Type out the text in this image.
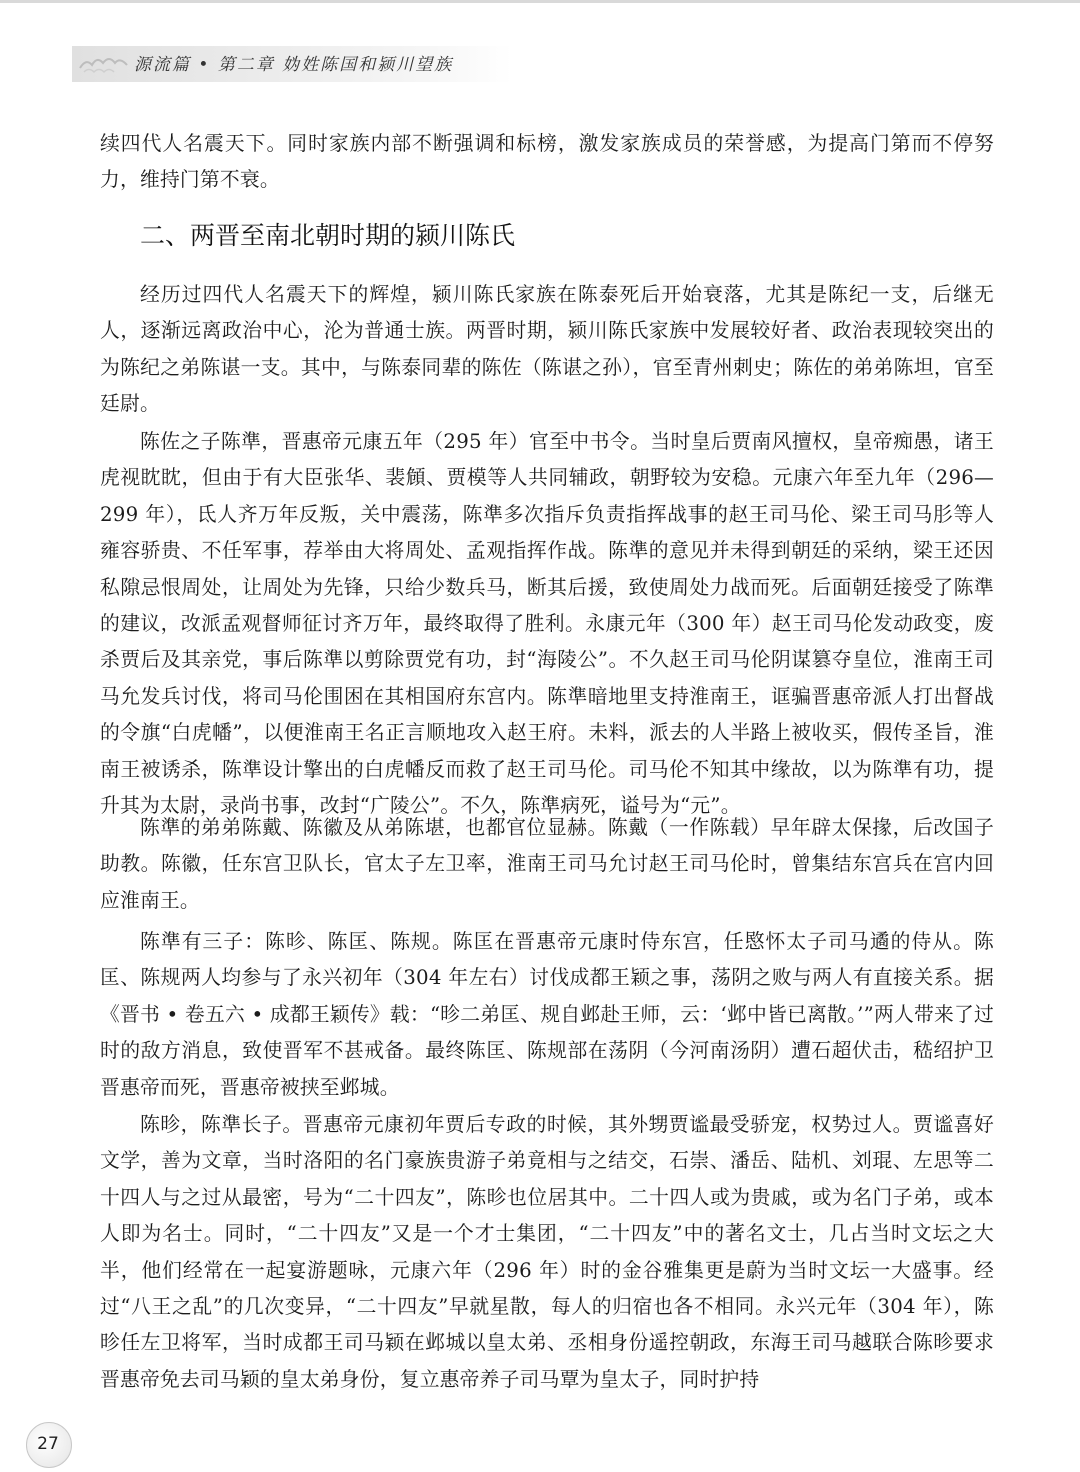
源流篇 • 第二章 妫姓陈国和颍川望族

续四代人名震天下。同时家族内部不断强调和标榜，激发家族成员的荣誉感，为提高门第而不停努力，维持门第不衰。

二、两晋至南北朝时期的颍川陈氏

经历过四代人名震天下的辉煌，颍川陈氏家族在陈泰死后开始衰落，尤其是陈纪一支，后继无人，逐渐远离政治中心，沦为普通士族。两晋时期，颍川陈氏家族中发展较好者、政治表现较突出的为陈纪之弟陈谌一支。其中，与陈泰同辈的陈佐（陈谌之孙），官至青州刺史；陈佐的弟弟陈坦，官至廷尉。

陈佐之子陈準，晋惠帝元康五年（295 年）官至中书令。当时皇后贾南风擅权，皇帝痴愚，诸王虎视眈眈，但由于有大臣张华、裴頠、贾模等人共同辅政，朝野较为安稳。元康六年至九年（296—299 年），氐人齐万年反叛，关中震荡，陈準多次指斥负责指挥战事的赵王司马伦、梁王司马肜等人雍容骄贵、不任军事，荐举由大将周处、孟观指挥作战。陈準的意见并未得到朝廷的采纳，梁王还因私隙忌恨周处，让周处为先锋，只给少数兵马，断其后援，致使周处力战而死。后面朝廷接受了陈準的建议，改派孟观督师征讨齐万年，最终取得了胜利。永康元年（300 年）赵王司马伦发动政变，废杀贾后及其亲党，事后陈準以剪除贾党有功，封“海陵公”。不久赵王司马伦阴谋篡夺皇位，淮南王司马允发兵讨伐，将司马伦围困在其相国府东宫内。陈準暗地里支持淮南王，诓骗晋惠帝派人打出督战的令旗“白虎幡”，以便淮南王名正言顺地攻入赵王府。未料，派去的人半路上被收买，假传圣旨，淮南王被诱杀，陈準设计擎出的白虎幡反而救了赵王司马伦。司马伦不知其中缘故，以为陈準有功，提升其为太尉，录尚书事，改封“广陵公”。不久，陈準病死，谥号为“元”。

陈準的弟弟陈戴、陈徽及从弟陈堪，也都官位显赫。陈戴（一作陈载）早年辟太保掾，后改国子助教。陈徽，任东宫卫队长，官太子左卫率，淮南王司马允讨赵王司马伦时，曾集结东宫兵在宫内回应淮南王。

陈準有三子：陈昣、陈匡、陈规。陈匡在晋惠帝元康时侍东宫，任愍怀太子司马遹的侍从。陈匡、陈规两人均参与了永兴初年（304 年左右）讨伐成都王颖之事，荡阴之败与两人有直接关系。据《晋书 • 卷五六 • 成都王颖传》载：“昣二弟匡、规自邺赴王师，云：‘邺中皆已离散。’”两人带来了过时的敌方消息，致使晋军不甚戒备。最终陈匡、陈规部在荡阴（今河南汤阴）遭石超伏击，嵇绍护卫晋惠帝而死，晋惠帝被挟至邺城。

陈昣，陈準长子。晋惠帝元康初年贾后专政的时候，其外甥贾谧最受骄宠，权势过人。贾谧喜好文学，善为文章，当时洛阳的名门豪族贵游子弟竟相与之结交，石崇、潘岳、陆机、刘琨、左思等二十四人与之过从最密，号为“二十四友”，陈昣也位居其中。二十四人或为贵戚，或为名门子弟，或本人即为名士。同时，“二十四友”又是一个才士集团，“二十四友”中的著名文士，几占当时文坛之大半，他们经常在一起宴游题咏，元康六年（296 年）时的金谷雅集更是蔚为当时文坛一大盛事。经过“八王之乱”的几次变异，“二十四友”早就星散，每人的归宿也各不相同。永兴元年（304 年），陈昣任左卫将军，当时成都王司马颖在邺城以皇太弟、丞相身份遥控朝政，东海王司马越联合陈昣要求晋惠帝免去司马颖的皇太弟身份，复立惠帝养子司马覃为皇太子，同时护持

27
